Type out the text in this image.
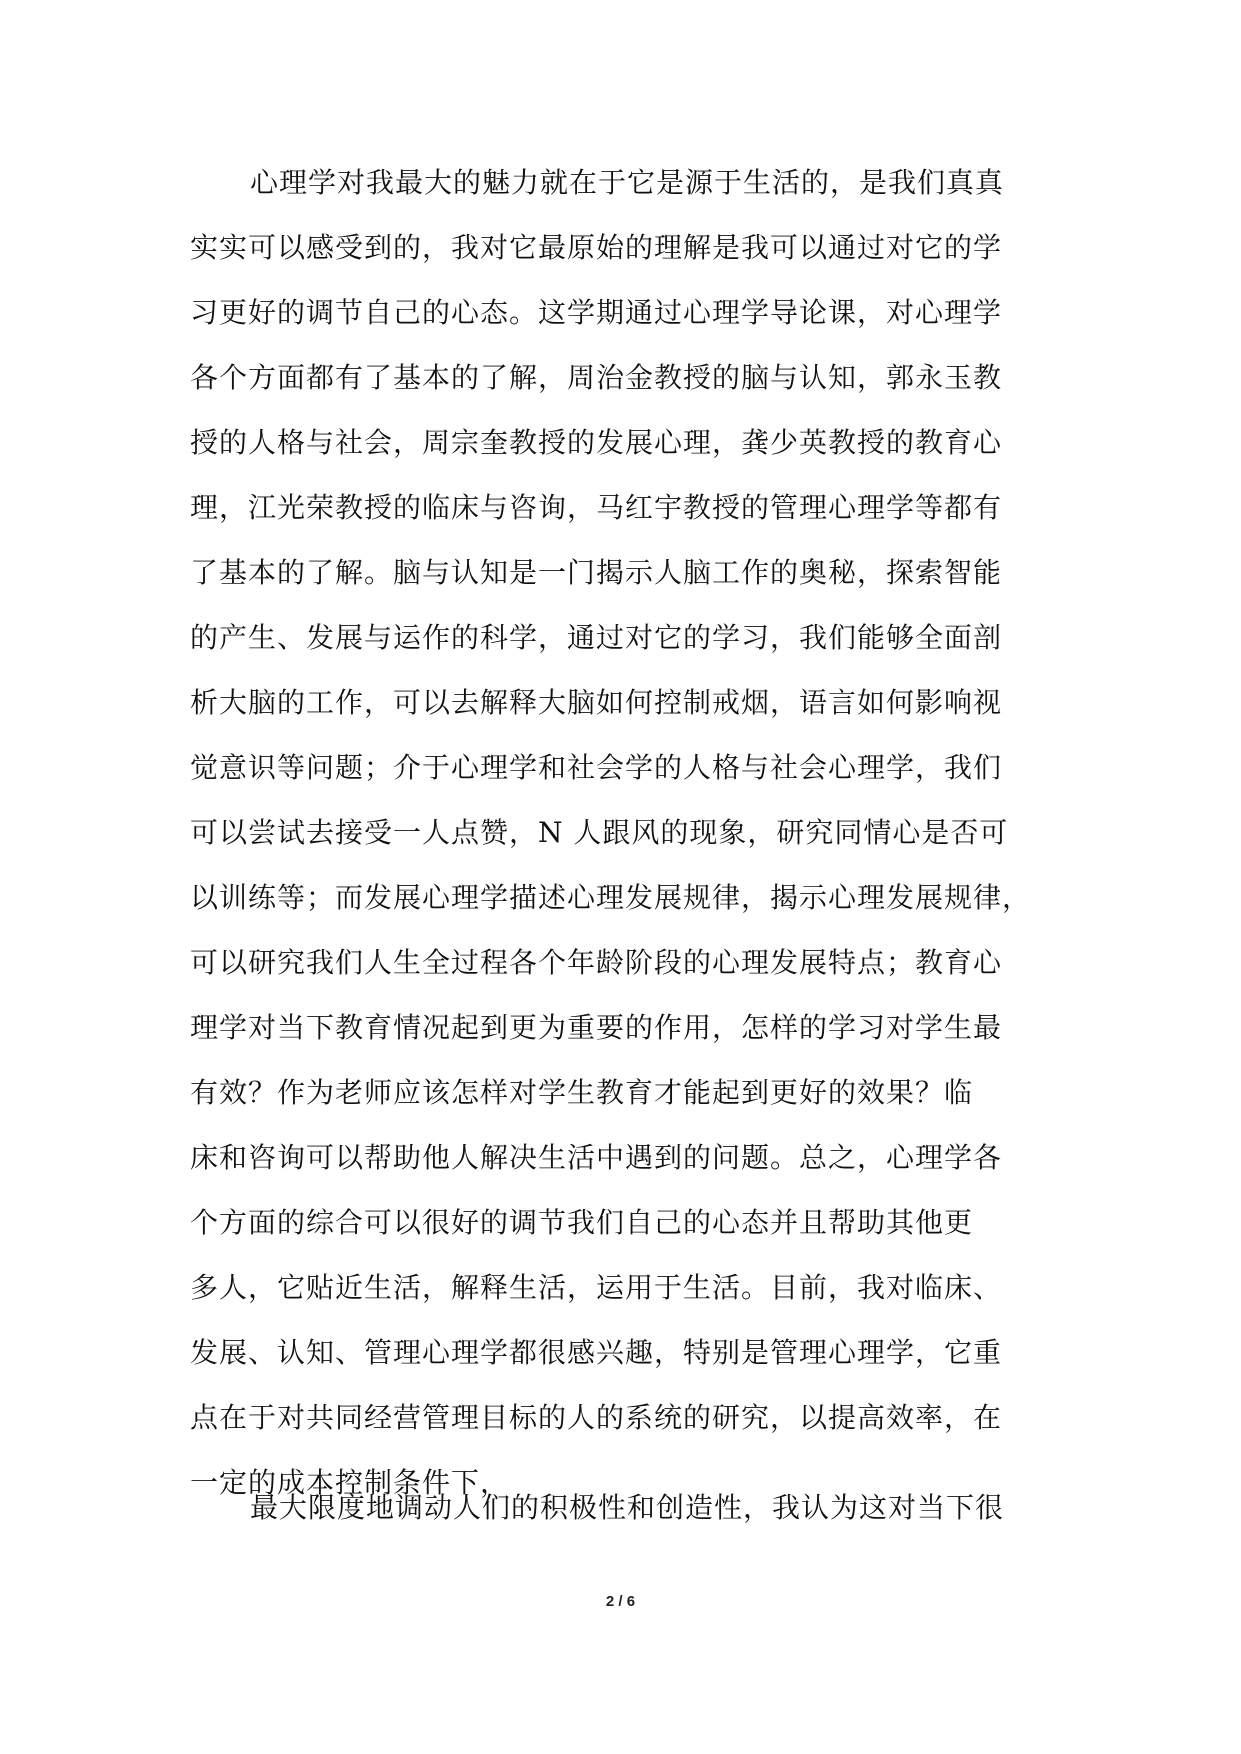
心理学对我最大的魅力就在于它是源于生活的，是我们真真
实实可以感受到的，我对它最原始的理解是我可以通过对它的学
习更好的调节自己的心态。这学期通过心理学导论课，对心理学
各个方面都有了基本的了解，周治金教授的脑与认知，郭永玉教
授的人格与社会，周宗奎教授的发展心理，龚少英教授的教育心
理，江光荣教授的临床与咨询，马红宇教授的管理心理学等都有
了基本的了解。脑与认知是一门揭示人脑工作的奥秘，探索智能
的产生、发展与运作的科学，通过对它的学习，我们能够全面剖
析大脑的工作，可以去解释大脑如何控制戒烟，语言如何影响视
觉意识等问题；介于心理学和社会学的人格与社会心理学，我们
可以尝试去接受一人点赞，N 人跟风的现象，研究同情心是否可
以训练等；而发展心理学描述心理发展规律，揭示心理发展规律，
可以研究我们人生全过程各个年龄阶段的心理发展特点；教育心
理学对当下教育情况起到更为重要的作用，怎样的学习对学生最
有效？作为老师应该怎样对学生教育才能起到更好的效果？临
床和咨询可以帮助他人解决生活中遇到的问题。总之，心理学各
个方面的综合可以很好的调节我们自己的心态并且帮助其他更
多人，它贴近生活，解释生活，运用于生活。目前，我对临床、
发展、认知、管理心理学都很感兴趣，特别是管理心理学，它重
点在于对共同经营管理目标的人的系统的研究，以提高效率，在
一定的成本控制条件下，
最大限度地调动人们的积极性和创造性，我认为这对当下很
2 / 6
